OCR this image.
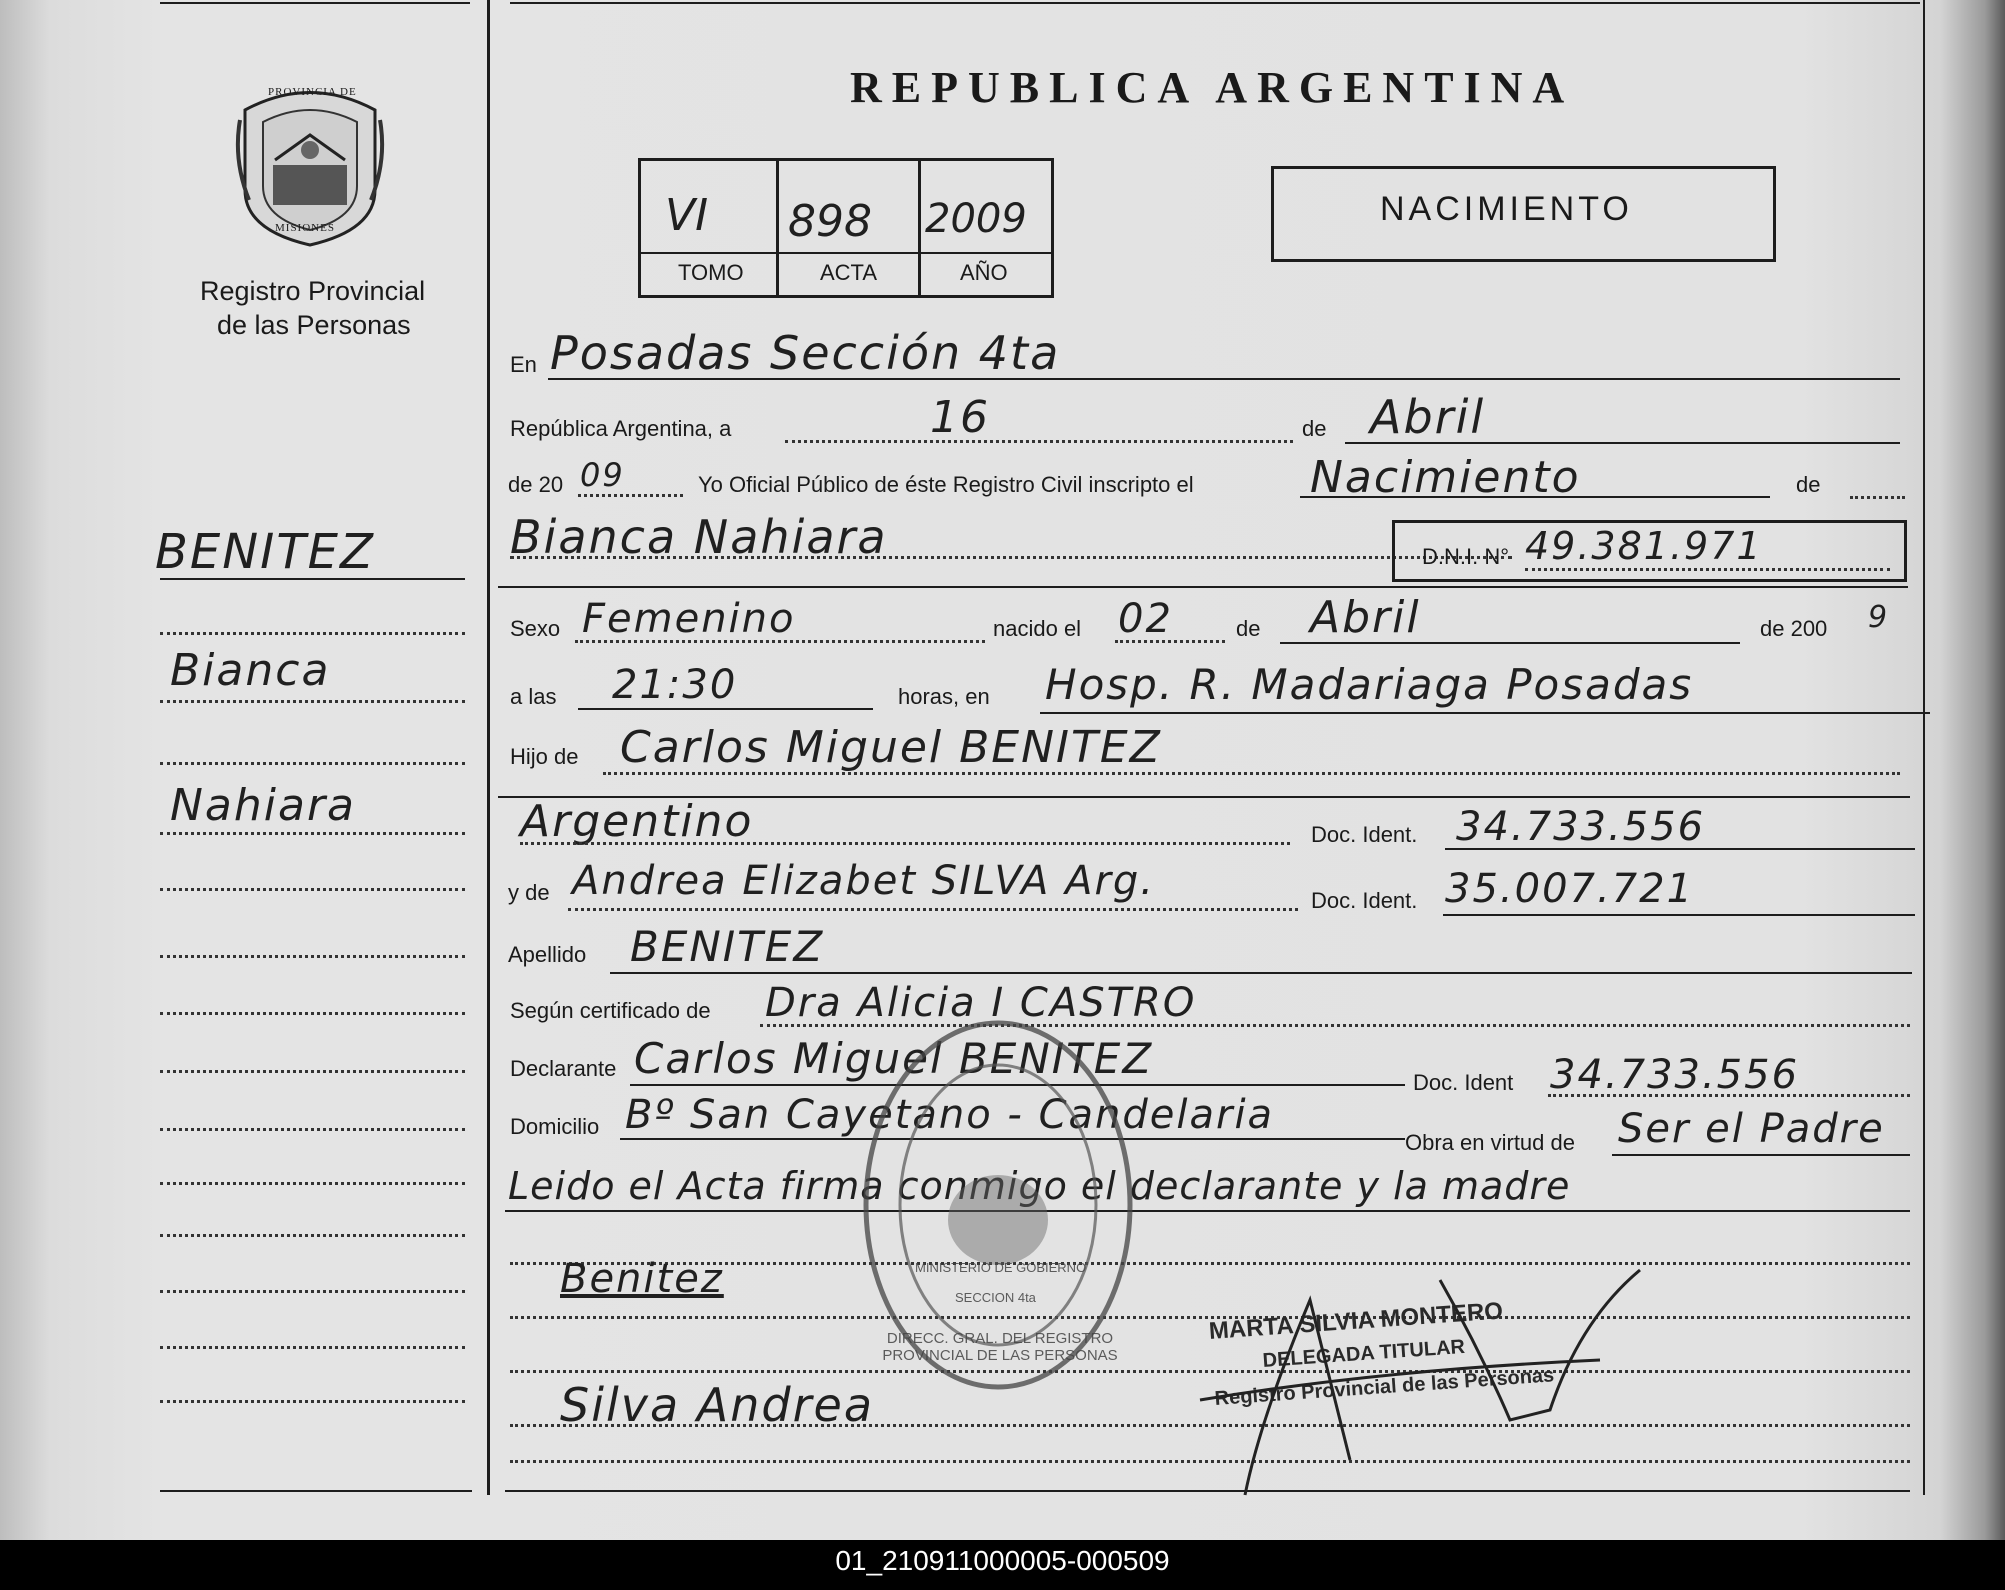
PROVINCIA DE
MISIONES
Registro Provincial
de las Personas
REPUBLICA ARGENTINA
VI 898 2009
TOMO	ACTA	AÑO
NACIMIENTO
BENITEZ
Bianca
Nahiara
En Posadas Sección 4ta
República Argentina, a	16	de Abril
de 20 09	Yo Oficial Público de éste Registro Civil inscripto el	Nacimiento	de
Bianca Nahiara	D.N.I. N° 49.381.971
Sexo Femenino	nacido el 02	de Abril	de 200 9
a las 21:30	horas, en Hosp. R. Madariaga Posadas
Hijo de Carlos Miguel BENITEZ
Argentino	Doc. Ident. 34.733.556
y de Andrea Elizabet SILVA Arg.	Doc. Ident. 35.007.721
Apellido BENITEZ
Según certificado de Dra Alicia I CASTRO
Declarante Carlos Miguel BENITEZ	Doc. Ident 34.733.556
Domicilio Bº San Cayetano - Candelaria
Obra en virtud de Ser el Padre
Leido el Acta firma conmigo el declarante y la madre
Benitez
Silva Andrea
DIRECC. GRAL. DEL REGISTRO PROVINCIAL DE LAS PERSONAS
MINISTERIO DE GOBIERNO
SECCION 4ta	MARTA SILVIA MONTERO
DELEGADA TITULAR
Registro Provincial de las Personas
01_210911000005-000509
